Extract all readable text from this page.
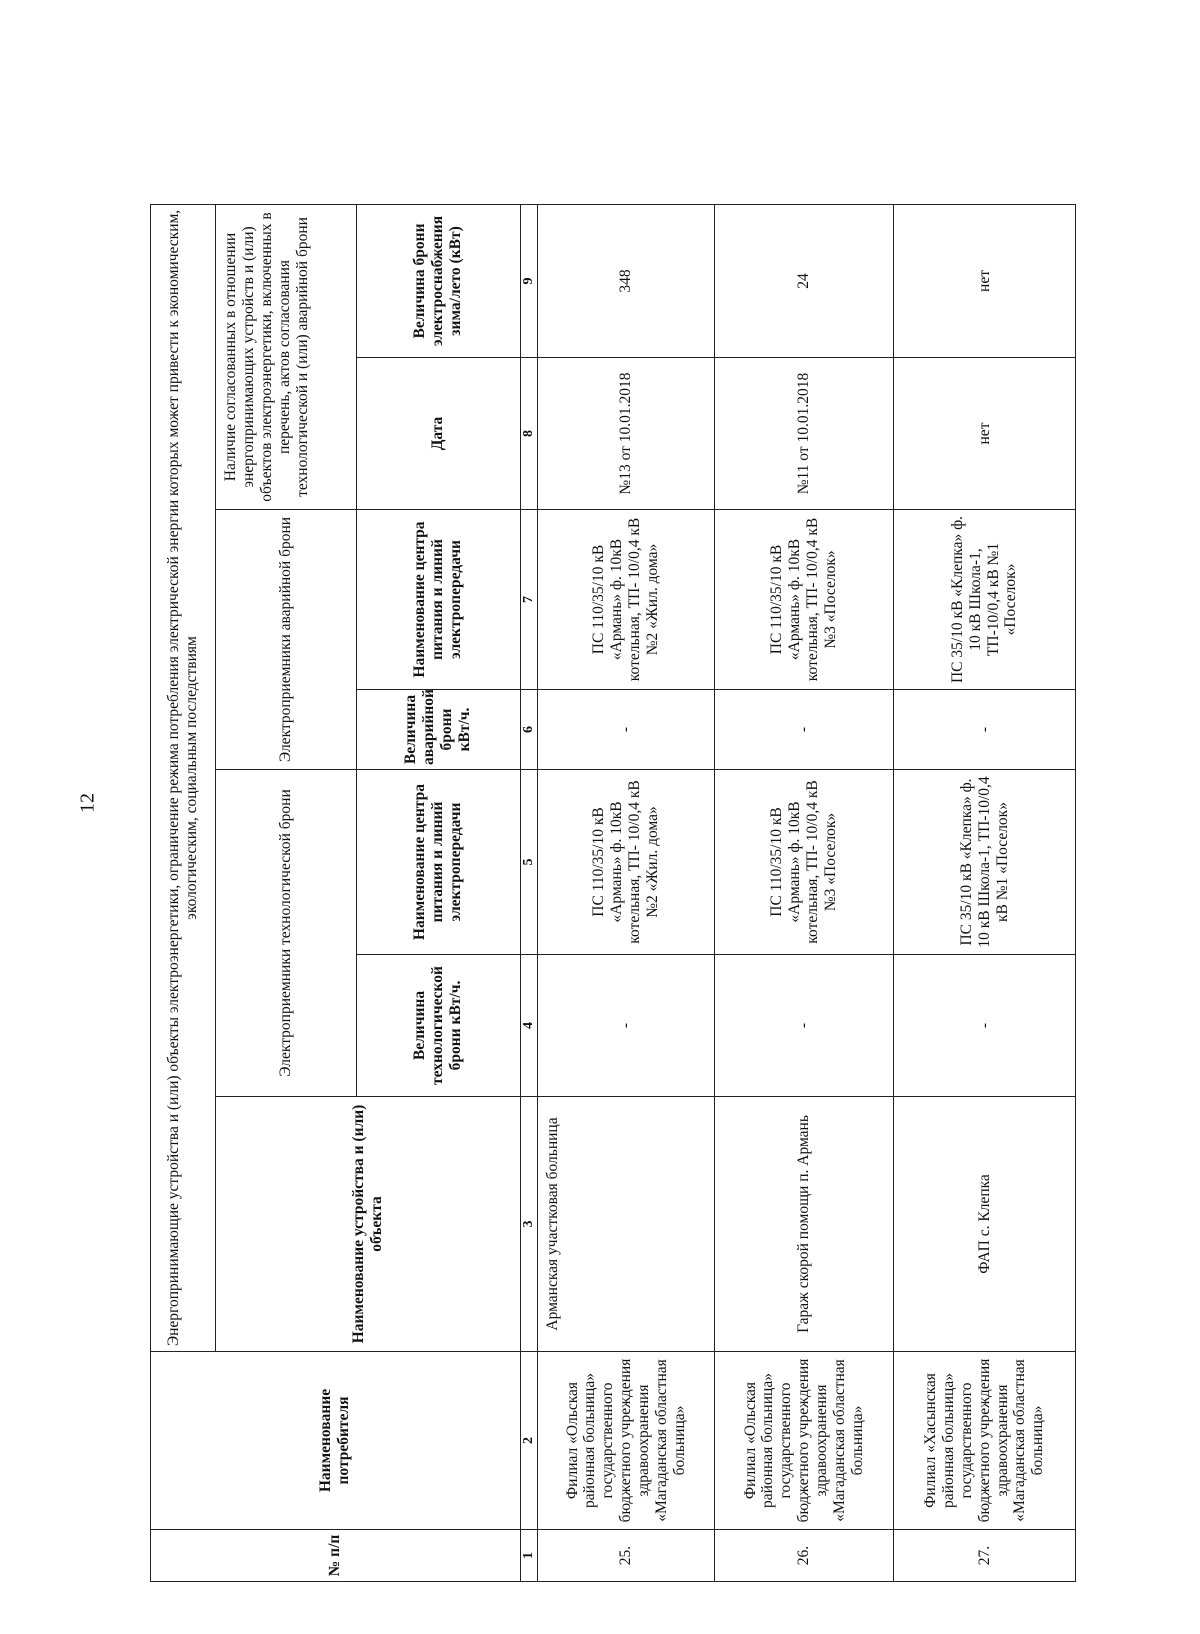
12
№ п/п	Наименование потребителя	Энергопринимающие устройства и (или) объекты электроэнергетики, ограничение режима потребления электрической энергии которых может привести к экономическим, экологическим, социальным последствиям							
		Наименование устройства и (или) объекта	Электроприемники технологической брони		Электроприемники аварийной брони		Наличие согласованных в отношении энергопринимающих устройств и (или) объектов электроэнергетики, включенных в перечень, актов согласования технологической и (или) аварийной брони		
			Величина технологической брони кВт/ч.	Наименование центра питания и линий электропередачи	Величина аварийной брони кВт/ч.	Наименование центра питания и линий электропередачи	Дата	Величина брони электроснабжения зима/лето (кВт)	
1	2	3	4	5	6	7	8	9	
25.	Филиал «Ольская районная больница» государственного бюджетного учреждения здравоохранения «Магаданская областная больница»	Арманская участковая больница	-	ПС 110/35/10 кВ «Армань» ф. 10кВ котельная, ТП- 10/0,4 кВ №2 «Жил. дома»	-	ПС 110/35/10 кВ «Армань» ф. 10кВ котельная, ТП- 10/0,4 кВ №2 «Жил. дома»	№13 от 10.01.2018	348	
26.	Филиал «Ольская районная больница» государственного бюджетного учреждения здравоохранения «Магаданская областная больница»	Гараж скорой помощи п. Армань	-	ПС 110/35/10 кВ «Армань» ф. 10кВ котельная, ТП- 10/0,4 кВ №3 «Поселок»	-	ПС 110/35/10 кВ «Армань» ф. 10кВ котельная, ТП- 10/0,4 кВ №3 «Поселок»	№11 от 10.01.2018	24	
27.	Филиал «Хасынская районная больница» государственного бюджетного учреждения здравоохранения «Магаданская областная больница»	ФАП с. Клепка	-	ПС 35/10 кВ «Клепка» ф. 10 кВ Школа-1, ТП-10/0,4 кВ №1 «Поселок»	-	ПС 35/10 кВ «Клепка» ф. 10 кВ Школа-1, ТП-10/0,4 кВ №1 «Поселок»	нет	нет	
